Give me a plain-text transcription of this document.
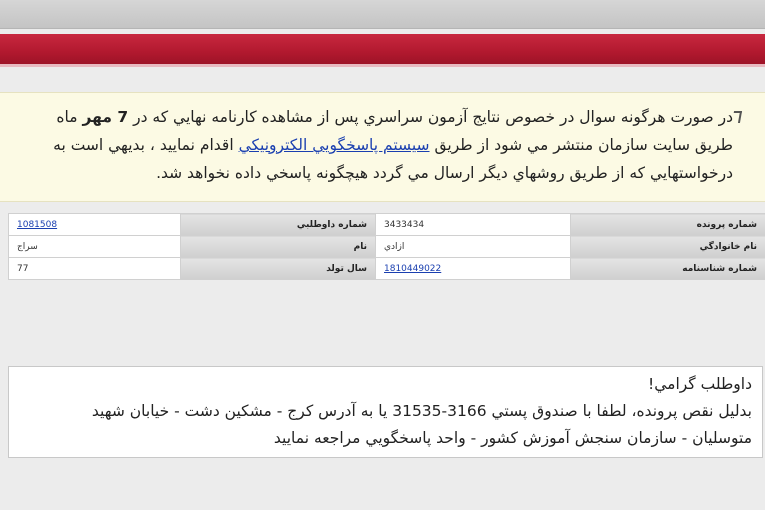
در صورت هرگونه سوال در خصوص نتايج آزمون سراسري پس از مشاهده کارنامه نهايي که در 7 مهر ماه
طريق سايت سازمان منتشر مي شود از طريق سيستم پاسخگويي الکترونيکي اقدام نماييد ، بديهي است به
درخواستهايي که از طريق روشهاي ديگر ارسال مي گردد هيچگونه پاسخي داده نخواهد شد.
شماره پرونده	3433434	شماره داوطلبي	1081508
نام خانوادگي	ازادي	نام	سراج
شماره شناسنامه	1810449022	سال تولد	77
داوطلب گرامي!
بدليل نقص پرونده، لطفا با صندوق پستي 3166-31535 يا به آدرس کرج - مشکين دشت - خيابان شهيد
متوسليان - سازمان سنجش آموزش کشور - واحد پاسخگويي مراجعه نماييد
